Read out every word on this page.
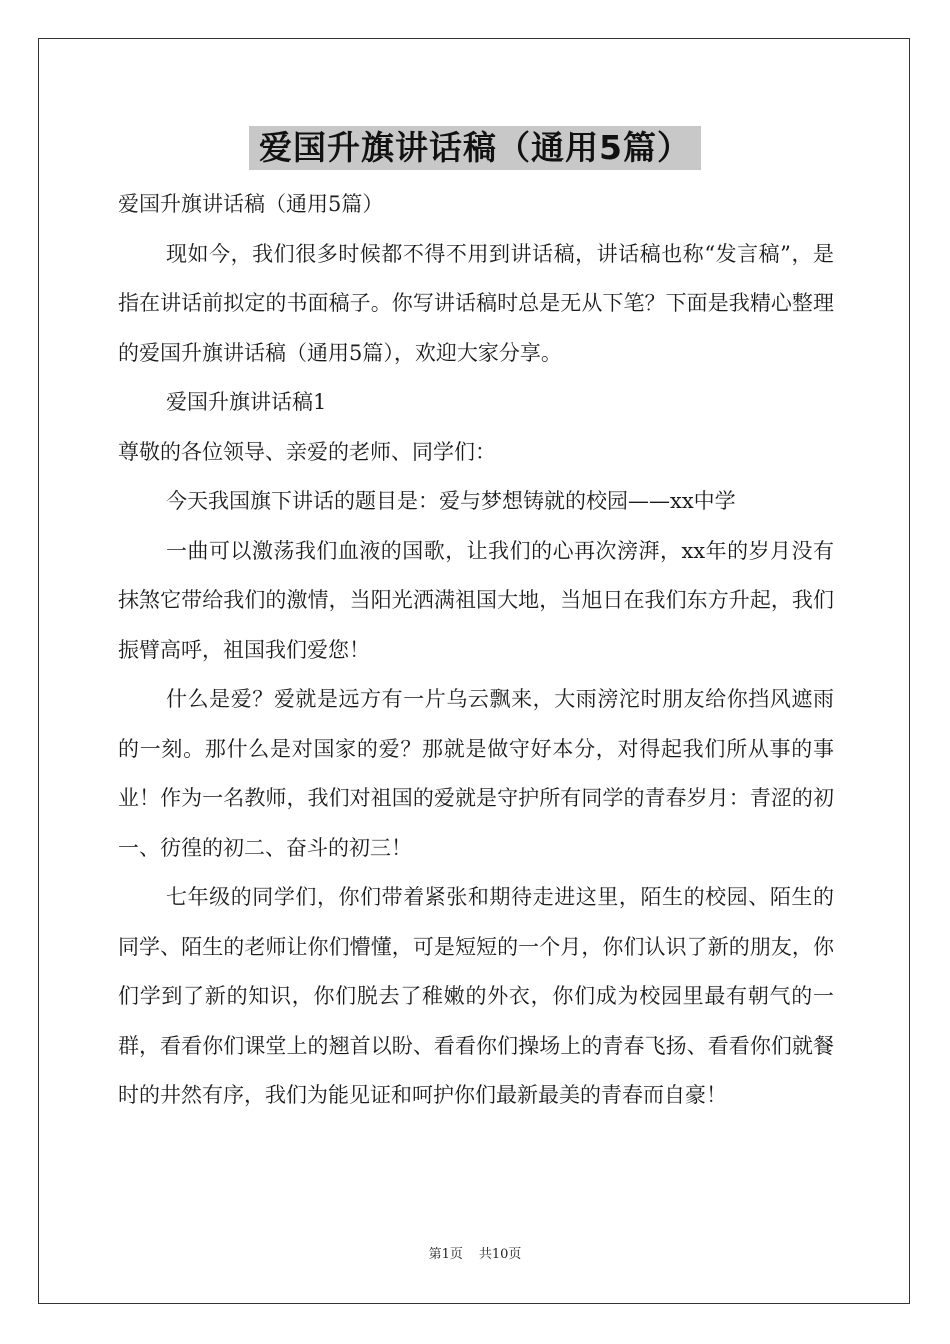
爱国升旗讲话稿（通用5篇）

爱国升旗讲话稿（通用5篇）

现如今，我们很多时候都不得不用到讲话稿，讲话稿也称“发言稿”，是指在讲话前拟定的书面稿子。你写讲话稿时总是无从下笔？下面是我精心整理的爱国升旗讲话稿（通用5篇），欢迎大家分享。

爱国升旗讲话稿1

尊敬的各位领导、亲爱的老师、同学们：

今天我国旗下讲话的题目是：爱与梦想铸就的校园——xx中学

一曲可以激荡我们血液的国歌，让我们的心再次滂湃，xx年的岁月没有抹煞它带给我们的激情，当阳光洒满祖国大地，当旭日在我们东方升起，我们振臂高呼，祖国我们爱您！

什么是爱？爱就是远方有一片乌云飘来，大雨滂沱时朋友给你挡风遮雨的一刻。那什么是对国家的爱？那就是做守好本分，对得起我们所从事的事业！作为一名教师，我们对祖国的爱就是守护所有同学的青春岁月：青涩的初一、彷徨的初二、奋斗的初三！

七年级的同学们，你们带着紧张和期待走进这里，陌生的校园、陌生的同学、陌生的老师让你们懵懂，可是短短的一个月，你们认识了新的朋友，你们学到了新的知识，你们脱去了稚嫩的外衣，你们成为校园里最有朝气的一群，看看你们课堂上的翘首以盼、看看你们操场上的青春飞扬、看看你们就餐时的井然有序，我们为能见证和呵护你们最新最美的青春而自豪！

第1页 共10页
